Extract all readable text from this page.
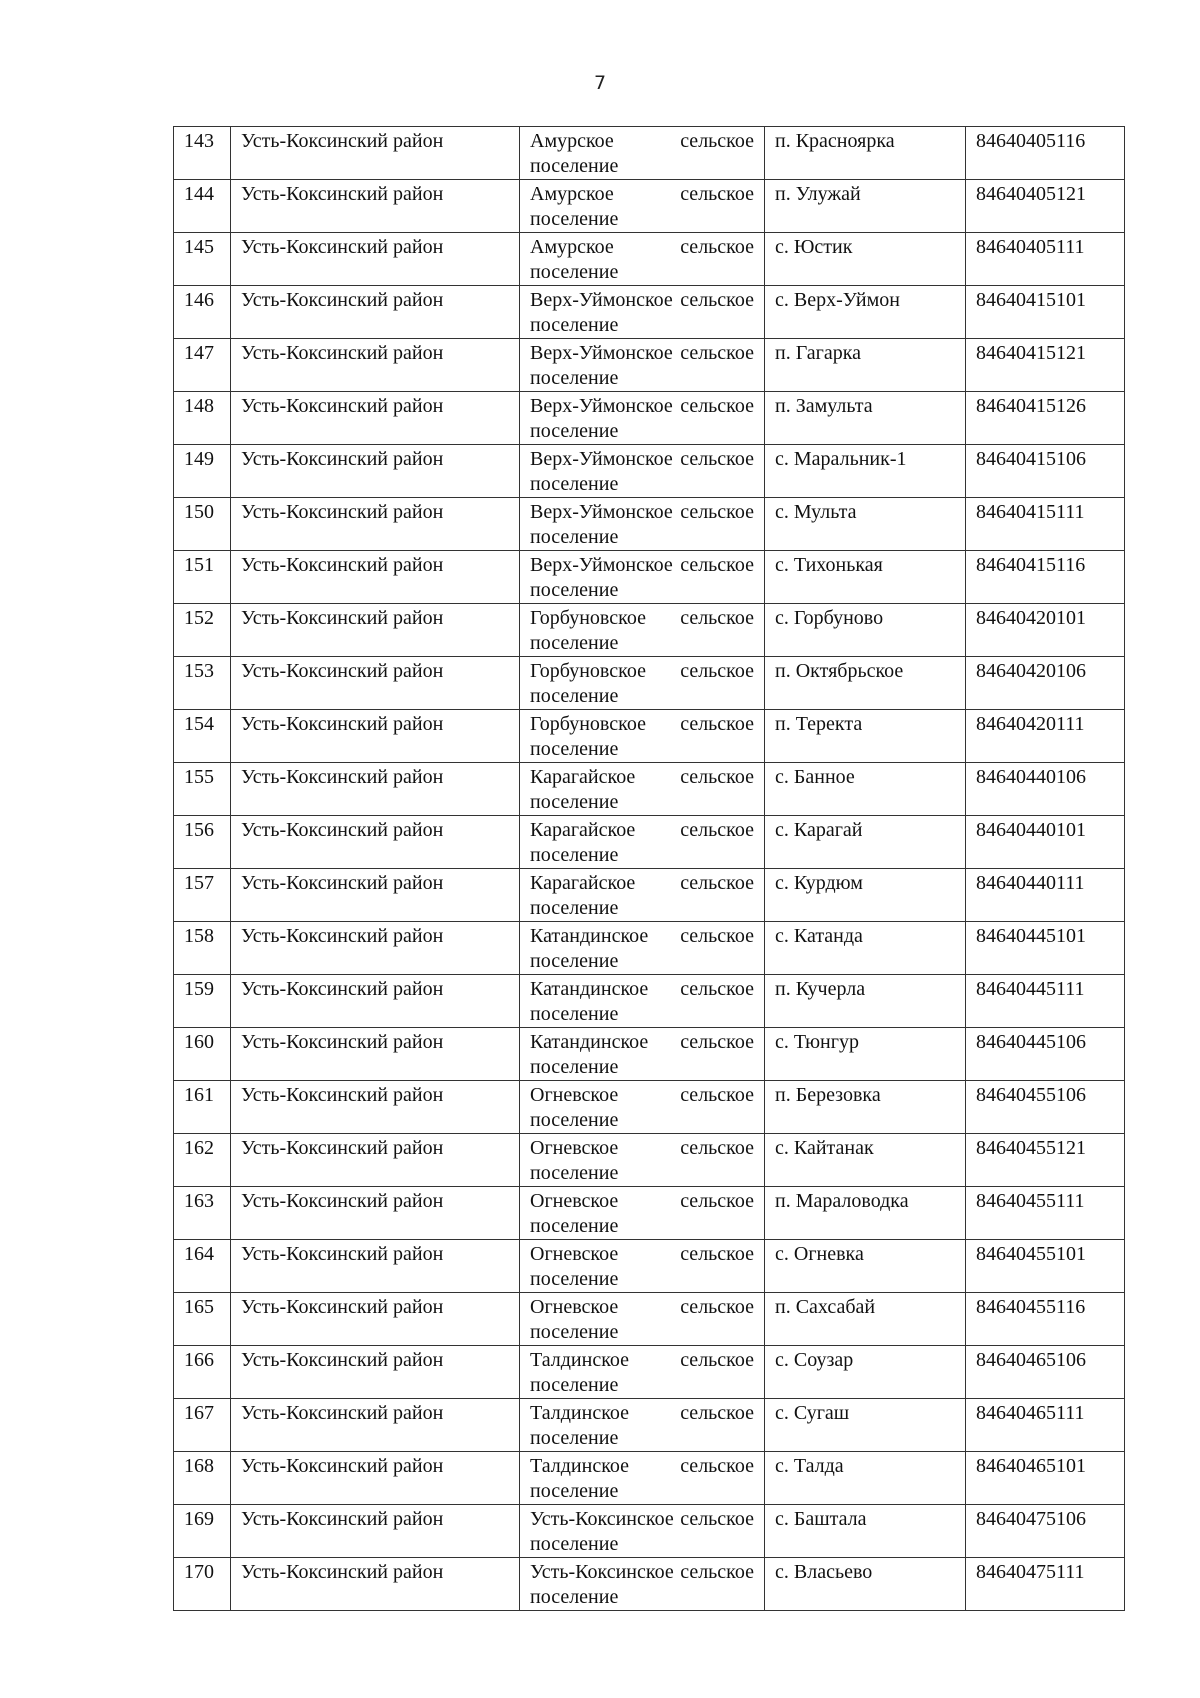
7
143	Усть-Коксинский район	Амурское сельское поселение	п. Красноярка	84640405116
144	Усть-Коксинский район	Амурское сельское поселение	п. Улужай	84640405121
145	Усть-Коксинский район	Амурское сельское поселение	с. Юстик	84640405111
146	Усть-Коксинский район	Верх-Уймонское сельское поселение	с. Верх-Уймон	84640415101
147	Усть-Коксинский район	Верх-Уймонское сельское поселение	п. Гагарка	84640415121
148	Усть-Коксинский район	Верх-Уймонское сельское поселение	п. Замульта	84640415126
149	Усть-Коксинский район	Верх-Уймонское сельское поселение	с. Маральник-1	84640415106
150	Усть-Коксинский район	Верх-Уймонское сельское поселение	с. Мульта	84640415111
151	Усть-Коксинский район	Верх-Уймонское сельское поселение	с. Тихонькая	84640415116
152	Усть-Коксинский район	Горбуновское сельское поселение	с. Горбуново	84640420101
153	Усть-Коксинский район	Горбуновское сельское поселение	п. Октябрьское	84640420106
154	Усть-Коксинский район	Горбуновское сельское поселение	п. Теректа	84640420111
155	Усть-Коксинский район	Карагайское сельское поселение	с. Банное	84640440106
156	Усть-Коксинский район	Карагайское сельское поселение	с. Карагай	84640440101
157	Усть-Коксинский район	Карагайское сельское поселение	с. Курдюм	84640440111
158	Усть-Коксинский район	Катандинское сельское поселение	с. Катанда	84640445101
159	Усть-Коксинский район	Катандинское сельское поселение	п. Кучерла	84640445111
160	Усть-Коксинский район	Катандинское сельское поселение	с. Тюнгур	84640445106
161	Усть-Коксинский район	Огневское сельское поселение	п. Березовка	84640455106
162	Усть-Коксинский район	Огневское сельское поселение	с. Кайтанак	84640455121
163	Усть-Коксинский район	Огневское сельское поселение	п. Мараловодка	84640455111
164	Усть-Коксинский район	Огневское сельское поселение	с. Огневка	84640455101
165	Усть-Коксинский район	Огневское сельское поселение	п. Сахсабай	84640455116
166	Усть-Коксинский район	Талдинское сельское поселение	с. Соузар	84640465106
167	Усть-Коксинский район	Талдинское сельское поселение	с. Сугаш	84640465111
168	Усть-Коксинский район	Талдинское сельское поселение	с. Талда	84640465101
169	Усть-Коксинский район	Усть-Коксинское сельское поселение	с. Баштала	84640475106
170	Усть-Коксинский район	Усть-Коксинское сельское поселение	с. Власьево	84640475111
